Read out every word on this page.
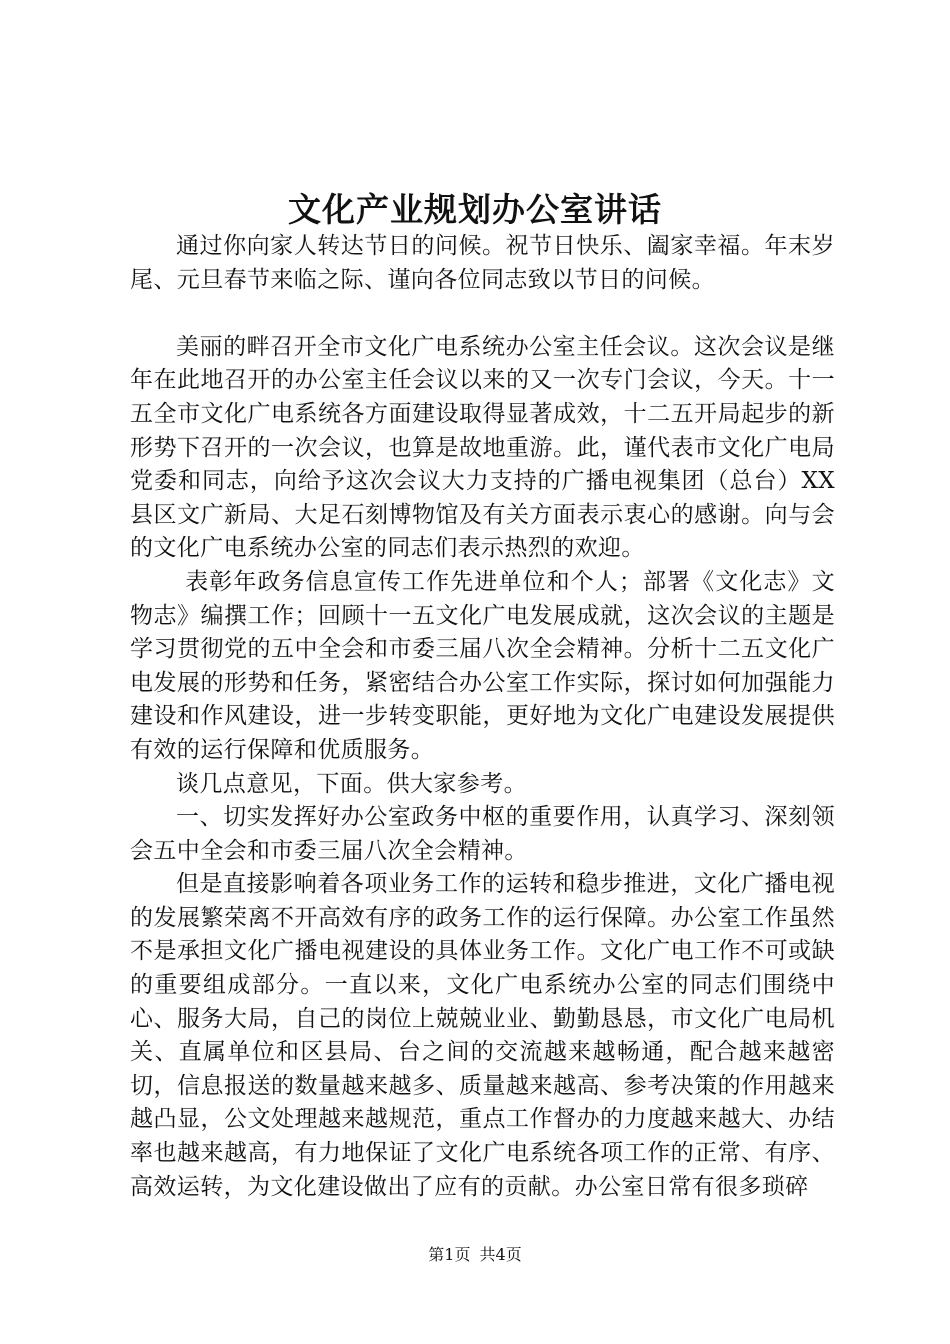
文化产业规划办公室讲话

通过你向家人转达节日的问候。祝节日快乐、阖家幸福。年末岁尾、元旦春节来临之际、谨向各位同志致以节日的问候。

美丽的畔召开全市文化广电系统办公室主任会议。这次会议是继年在此地召开的办公室主任会议以来的又一次专门会议，今天。十一五全市文化广电系统各方面建设取得显著成效，十二五开局起步的新形势下召开的一次会议，也算是故地重游。此，谨代表市文化广电局党委和同志，向给予这次会议大力支持的广播电视集团（总台）XX县区文广新局、大足石刻博物馆及有关方面表示衷心的感谢。向与会的文化广电系统办公室的同志们表示热烈的欢迎。

表彰年政务信息宣传工作先进单位和个人；部署《文化志》文物志》编撰工作；回顾十一五文化广电发展成就，这次会议的主题是学习贯彻党的五中全会和市委三届八次全会精神。分析十二五文化广电发展的形势和任务，紧密结合办公室工作实际，探讨如何加强能力建设和作风建设，进一步转变职能，更好地为文化广电建设发展提供有效的运行保障和优质服务。

谈几点意见，下面。供大家参考。

一、切实发挥好办公室政务中枢的重要作用，认真学习、深刻领会五中全会和市委三届八次全会精神。

但是直接影响着各项业务工作的运转和稳步推进，文化广播电视的发展繁荣离不开高效有序的政务工作的运行保障。办公室工作虽然不是承担文化广播电视建设的具体业务工作。文化广电工作不可或缺的重要组成部分。一直以来，文化广电系统办公室的同志们围绕中心、服务大局，自己的岗位上兢兢业业、勤勤恳恳，市文化广电局机关、直属单位和区县局、台之间的交流越来越畅通，配合越来越密切，信息报送的数量越来越多、质量越来越高、参考决策的作用越来越凸显，公文处理越来越规范，重点工作督办的力度越来越大、办结率也越来越高，有力地保证了文化广电系统各项工作的正常、有序、高效运转，为文化建设做出了应有的贡献。办公室日常有很多琐碎

第1页 共4页
